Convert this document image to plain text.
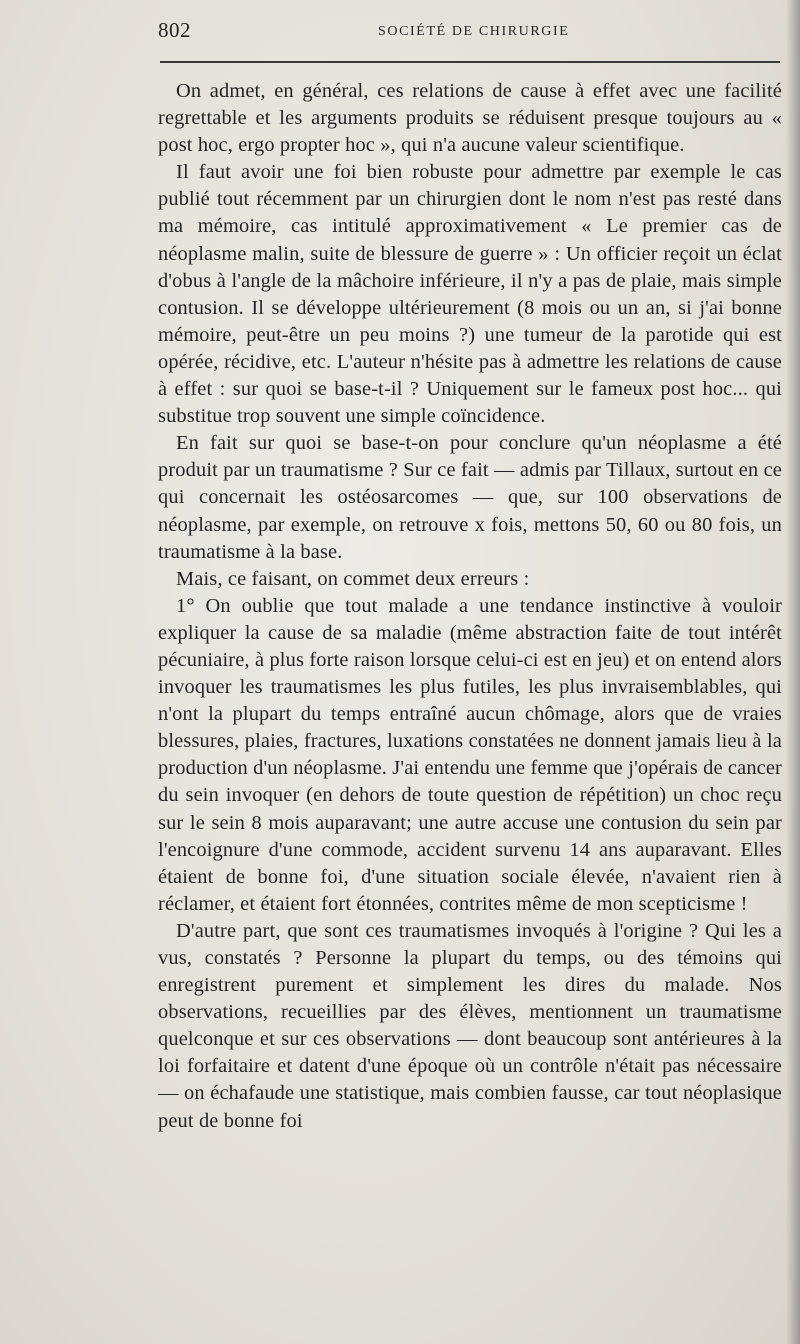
802	SOCIÉTÉ DE CHIRURGIE

On admet, en général, ces relations de cause à effet avec une facilité regrettable et les arguments produits se réduisent presque toujours au « post hoc, ergo propter hoc », qui n'a aucune valeur scientifique.

Il faut avoir une foi bien robuste pour admettre par exemple le cas publié tout récemment par un chirurgien dont le nom n'est pas resté dans ma mémoire, cas intitulé approximativement « Le premier cas de néoplasme malin, suite de blessure de guerre » : Un officier reçoit un éclat d'obus à l'angle de la mâchoire inférieure, il n'y a pas de plaie, mais simple contusion. Il se développe ultérieurement (8 mois ou un an, si j'ai bonne mémoire, peut-être un peu moins ?) une tumeur de la parotide qui est opérée, récidive, etc. L'auteur n'hésite pas à admettre les relations de cause à effet : sur quoi se base-t-il ? Uniquement sur le fameux post hoc... qui substitue trop souvent une simple coïncidence.

En fait sur quoi se base-t-on pour conclure qu'un néoplasme a été produit par un traumatisme ? Sur ce fait — admis par Tillaux, surtout en ce qui concernait les ostéosarcomes — que, sur 100 observations de néoplasme, par exemple, on retrouve x fois, mettons 50, 60 ou 80 fois, un traumatisme à la base.

Mais, ce faisant, on commet deux erreurs :

1° On oublie que tout malade a une tendance instinctive à vouloir expliquer la cause de sa maladie (même abstraction faite de tout intérêt pécuniaire, à plus forte raison lorsque celui-ci est en jeu) et on entend alors invoquer les traumatismes les plus futiles, les plus invraisemblables, qui n'ont la plupart du temps entraîné aucun chômage, alors que de vraies blessures, plaies, fractures, luxations constatées ne donnent jamais lieu à la production d'un néoplasme. J'ai entendu une femme que j'opérais de cancer du sein invoquer (en dehors de toute question de répétition) un choc reçu sur le sein 8 mois auparavant; une autre accuse une contusion du sein par l'encoignure d'une commode, accident survenu 14 ans auparavant. Elles étaient de bonne foi, d'une situation sociale élevée, n'avaient rien à réclamer, et étaient fort étonnées, contrites même de mon scepticisme !

D'autre part, que sont ces traumatismes invoqués à l'origine ? Qui les a vus, constatés ? Personne la plupart du temps, ou des témoins qui enregistrent purement et simplement les dires du malade. Nos observations, recueillies par des élèves, mentionnent un traumatisme quelconque et sur ces observations — dont beaucoup sont antérieures à la loi forfaitaire et datent d'une époque où un contrôle n'était pas nécessaire — on échafaude une statistique, mais combien fausse, car tout néoplasique peut de bonne foi
